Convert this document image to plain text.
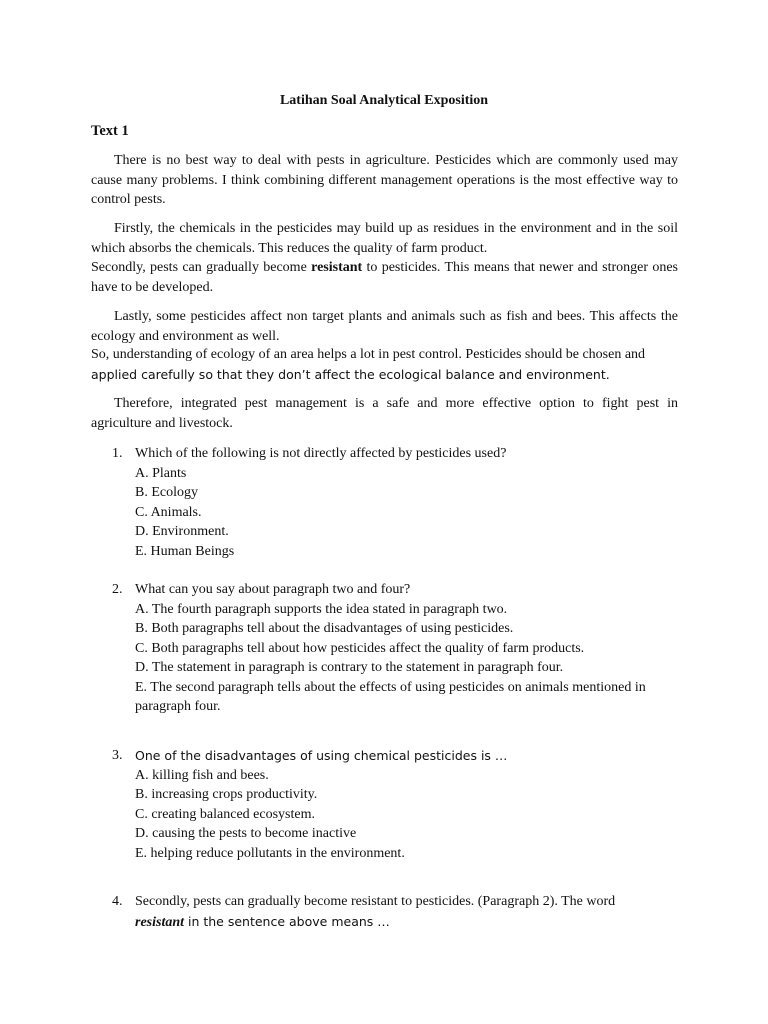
Latihan Soal Analytical Exposition
Text 1

There is no best way to deal with pests in agriculture. Pesticides which are commonly used may cause many problems. I think combining different management operations is the most effective way to control pests.

Firstly, the chemicals in the pesticides may build up as residues in the environment and in the soil which absorbs the chemicals. This reduces the quality of farm product.

Secondly, pests can gradually become resistant to pesticides. This means that newer and stronger ones have to be developed.

Lastly, some pesticides affect non target plants and animals such as fish and bees. This affects the ecology and environment as well.

So, understanding of ecology of an area helps a lot in pest control. Pesticides should be chosen and
applied carefully so that they don’t affect the ecological balance and environment.

Therefore, integrated pest management is a safe and more effective option to fight pest in agriculture and livestock.

1. Which of the following is not directly affected by pesticides used?
A. Plants
B. Ecology
C. Animals.
D. Environment.
E. Human Beings
2. What can you say about paragraph two and four?
A. The fourth paragraph supports the idea stated in paragraph two.
B. Both paragraphs tell about the disadvantages of using pesticides.
C. Both paragraphs tell about how pesticides affect the quality of farm products.
D. The statement in paragraph is contrary to the statement in paragraph four.
E. The second paragraph tells about the effects of using pesticides on animals mentioned in paragraph four.
3. One of the disadvantages of using chemical pesticides is …
A. killing fish and bees.
B. increasing crops productivity.
C. creating balanced ecosystem.
D. causing the pests to become inactive
E. helping reduce pollutants in the environment.
4. Secondly, pests can gradually become resistant to pesticides. (Paragraph 2). The word
resistant in the sentence above means …
